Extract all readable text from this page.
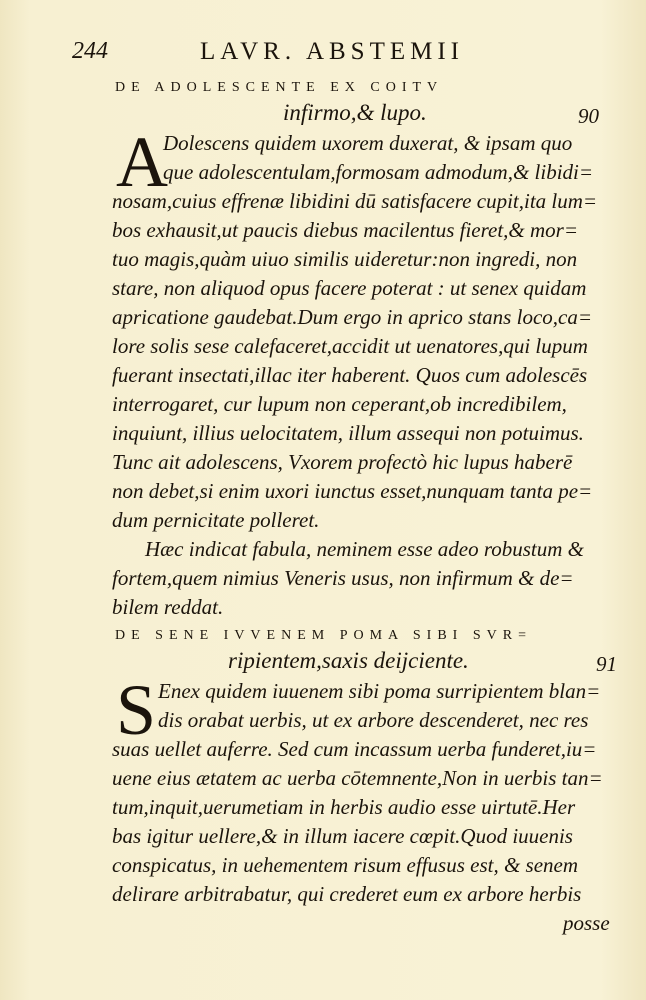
244	LAVR. ABSTEMII
DE ADOLESCENTE EX COITV
infirmo,& lupo.	90
A
Dolescens quidem uxorem duxerat, & ipsam quo
que adolescentulam,formosam admodum,& libidi=
nosam,cuius effrenæ libidini dū satisfacere cupit,ita lum=
bos exhausit,ut paucis diebus macilentus fieret,& mor=
tuo magis,quàm uiuo similis uideretur:non ingredi, non
stare, non aliquod opus facere poterat : ut senex quidam
apricatione gaudebat.Dum ergo in aprico stans loco,ca=
lore solis sese calefaceret,accidit ut uenatores,qui lupum
fuerant insectati,illac iter haberent. Quos cum adolescēs
interrogaret, cur lupum non ceperant,ob incredibilem,
inquiunt, illius uelocitatem, illum assequi non potuimus.
Tunc ait adolescens, Vxorem profectò hic lupus haberē
non debet,si enim uxori iunctus esset,nunquam tanta pe=
dum pernicitate polleret.
Hæc indicat fabula, neminem esse adeo robustum &
fortem,quem nimius Veneris usus, non infirmum & de=
bilem reddat.
DE SENE IVVENEM POMA SIBI SVR=
ripientem,saxis deijciente.	91
S Enex quidem iuuenem sibi poma surripientem blan=
dis orabat uerbis, ut ex arbore descenderet, nec res
suas uellet auferre. Sed cum incassum uerba funderet,iu=
uene eius ætatem ac uerba cōtemnente,Non in uerbis tan=
tum,inquit,uerumetiam in herbis audio esse uirtutē.Her
bas igitur uellere,& in illum iacere cœpit.Quod iuuenis
conspicatus, in uehementem risum effusus est, & senem
delirare arbitrabatur, qui crederet eum ex arbore herbis
posse
